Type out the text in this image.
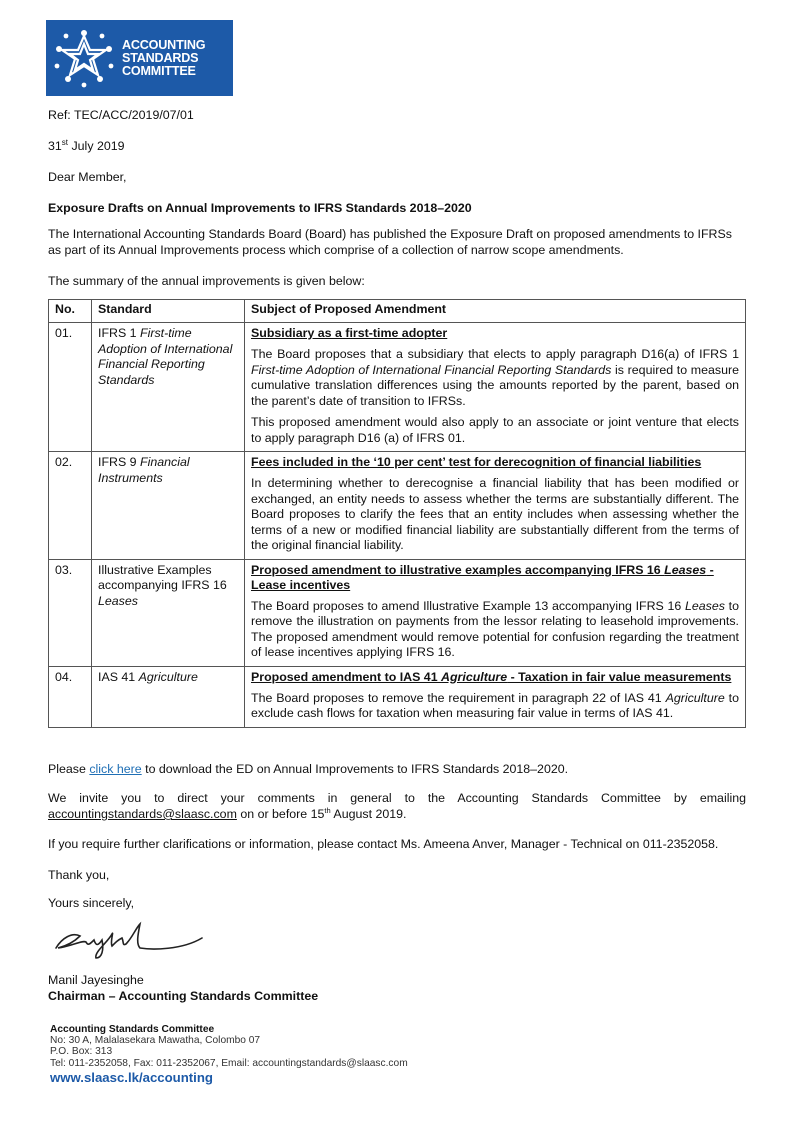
ACCOUNTING
STANDARDS
COMMITTEE

Ref: TEC/ACC/2019/07/01

31st July 2019

Dear Member,

Exposure Drafts on Annual Improvements to IFRS Standards 2018–2020

The International Accounting Standards Board (Board) has published the Exposure Draft on proposed amendments to IFRSs as part of its Annual Improvements process which comprise of a collection of narrow scope amendments.

The summary of the annual improvements is given below:

No.	Standard	Subject of Proposed Amendment
01.	IFRS 1 First-time Adoption of International Financial Reporting Standards	Subsidiary as a first-time adopter
The Board proposes that a subsidiary that elects to apply paragraph D16(a) of IFRS 1 First-time Adoption of International Financial Reporting Standards is required to measure cumulative translation differences using the amounts reported by the parent, based on the parent’s date of transition to IFRSs.
This proposed amendment would also apply to an associate or joint venture that elects to apply paragraph D16 (a) of IFRS 01.

02.	IFRS 9 Financial Instruments	Fees included in the ‘10 per cent’ test for derecognition of financial liabilities
In determining whether to derecognise a financial liability that has been modified or exchanged, an entity needs to assess whether the terms are substantially different. The Board proposes to clarify the fees that an entity includes when assessing whether the terms of a new or modified financial liability are substantially different from the terms of the original financial liability.

03.	Illustrative Examples accompanying IFRS 16 Leases	Proposed amendment to illustrative examples accompanying IFRS 16 Leases - Lease incentives
The Board proposes to amend Illustrative Example 13 accompanying IFRS 16 Leases to remove the illustration on payments from the lessor relating to leasehold improvements. The proposed amendment would remove potential for confusion regarding the treatment of lease incentives applying IFRS 16.

04.	IAS 41 Agriculture	Proposed amendment to IAS 41 Agriculture - Taxation in fair value measurements
The Board proposes to remove the requirement in paragraph 22 of IAS 41 Agriculture to exclude cash flows for taxation when measuring fair value in terms of IAS 41.

Please click here to download the ED on Annual Improvements to IFRS Standards 2018–2020.

We invite you to direct your comments in general to the Accounting Standards Committee by emailing
accountingstandards@slaasc.com on or before 15th August 2019.

If you require further clarifications or information, please contact Ms. Ameena Anver, Manager - Technical on 011-2352058.

Thank you,

Yours sincerely,

Manil Jayesinghe

Chairman – Accounting Standards Committee

Accounting Standards Committee
No: 30 A, Malalasekara Mawatha, Colombo 07
P.O. Box: 313
Tel: 011-2352058, Fax: 011-2352067, Email: accountingstandards@slaasc.com
www.slaasc.lk/accounting
